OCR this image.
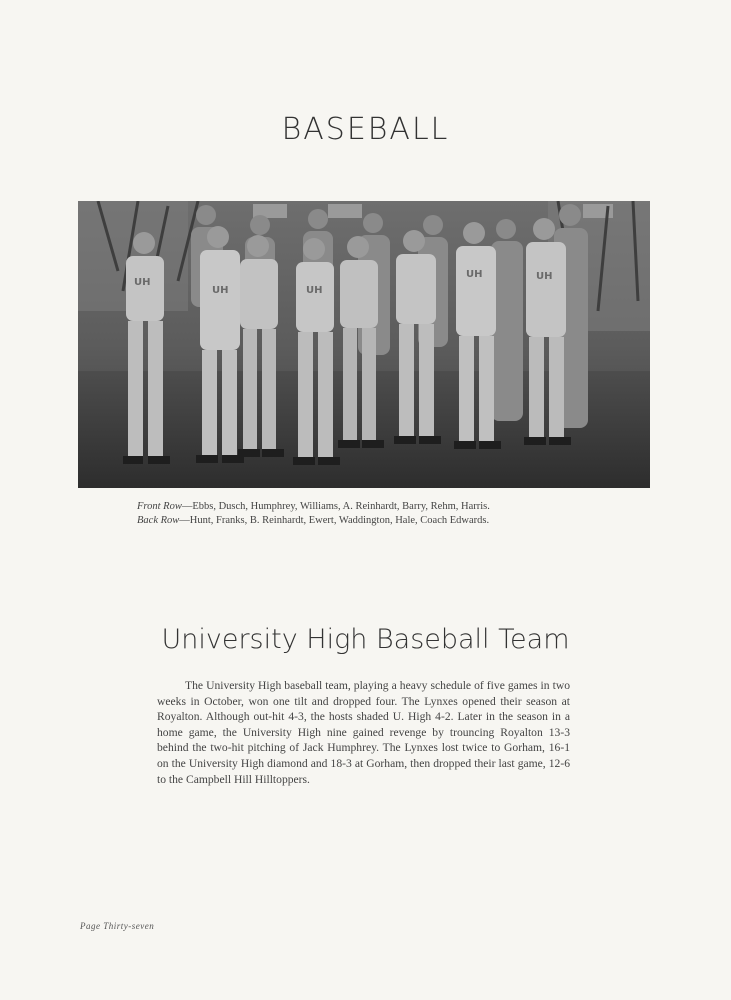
BASEBALL
UH
UH	UH
UH	UH
Front Row—Ebbs, Dusch, Humphrey, Williams, A. Reinhardt, Barry, Rehm, Harris.
Back Row—Hunt, Franks, B. Reinhardt, Ewert, Waddington, Hale, Coach Edwards.
University High Baseball Team

The University High baseball team, playing a heavy schedule of five games in two weeks in October, won one tilt and dropped four. The Lynxes opened their season at Royalton. Although out-hit 4-3, the hosts shaded U. High 4-2. Later in the season in a home game, the University High nine gained revenge by trouncing Royalton 13-3 behind the two-hit pitching of Jack Humphrey. The Lynxes lost twice to Gorham, 16-1 on the University High diamond and 18-3 at Gorham, then dropped their last game, 12-6 to the Campbell Hill Hilltoppers.

Page Thirty-seven
